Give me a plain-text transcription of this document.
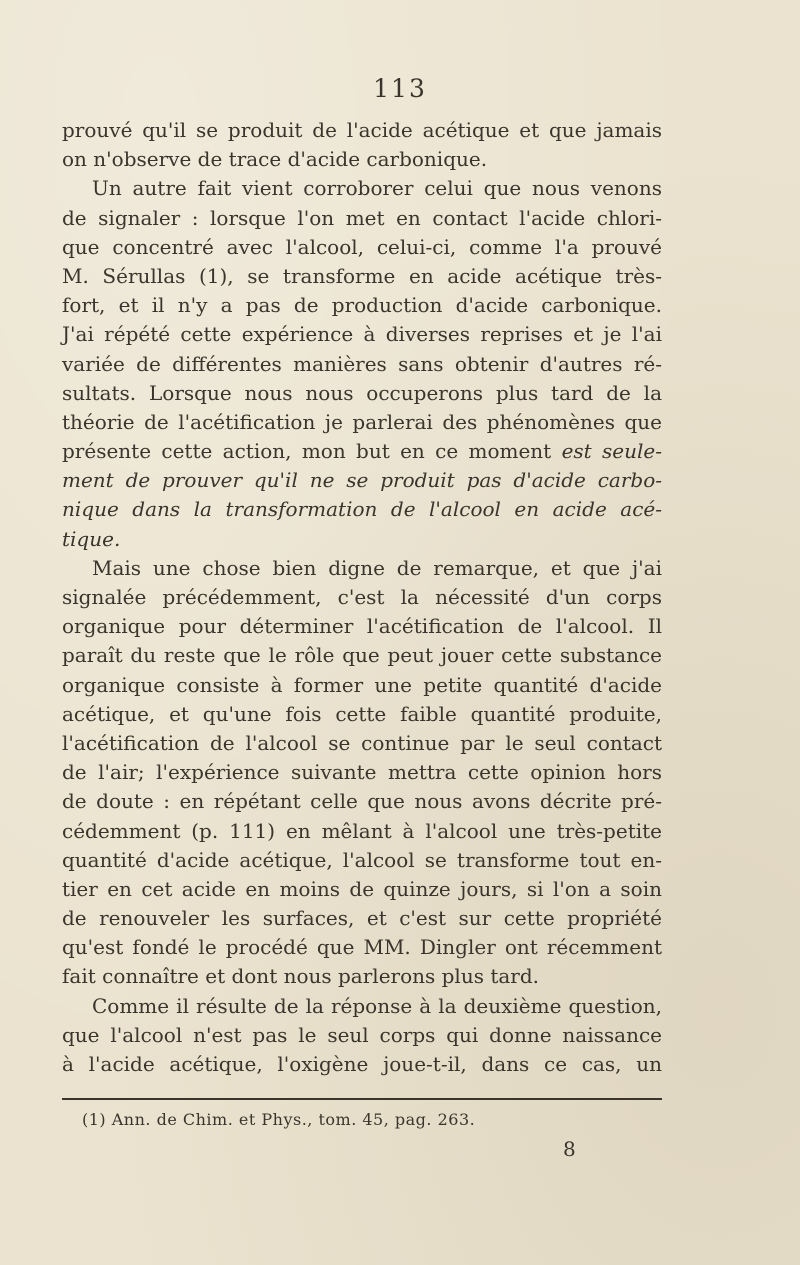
113
prouvé qu'il se produit de l'acide acétique et que jamais
on n'observe de trace d'acide carbonique.
Un autre fait vient corroborer celui que nous venons
de signaler : lorsque l'on met en contact l'acide chlori-
que concentré avec l'alcool, celui-ci, comme l'a prouvé
M. Sérullas (1), se transforme en acide acétique très-
fort, et il n'y a pas de production d'acide carbonique.
J'ai répété cette expérience à diverses reprises et je l'ai
variée de différentes manières sans obtenir d'autres ré-
sultats. Lorsque nous nous occuperons plus tard de la
théorie de l'acétification je parlerai des phénomènes que
présente cette action, mon but en ce moment est seule-
ment de prouver qu'il ne se produit pas d'acide carbo-
nique dans la transformation de l'alcool en acide acé-
tique.
Mais une chose bien digne de remarque, et que j'ai
signalée précédemment, c'est la nécessité d'un corps
organique pour déterminer l'acétification de l'alcool. Il
paraît du reste que le rôle que peut jouer cette substance
organique consiste à former une petite quantité d'acide
acétique, et qu'une fois cette faible quantité produite,
l'acétification de l'alcool se continue par le seul contact
de l'air; l'expérience suivante mettra cette opinion hors
de doute : en répétant celle que nous avons décrite pré-
cédemment (p. 111) en mêlant à l'alcool une très-petite
quantité d'acide acétique, l'alcool se transforme tout en-
tier en cet acide en moins de quinze jours, si l'on a soin
de renouveler les surfaces, et c'est sur cette propriété
qu'est fondé le procédé que MM. Dingler ont récemment
fait connaître et dont nous parlerons plus tard.
Comme il résulte de la réponse à la deuxième question,
que l'alcool n'est pas le seul corps qui donne naissance
à l'acide acétique, l'oxigène joue-t-il, dans ce cas, un
(1) Ann. de Chim. et Phys., tom. 45, pag. 263.
8
